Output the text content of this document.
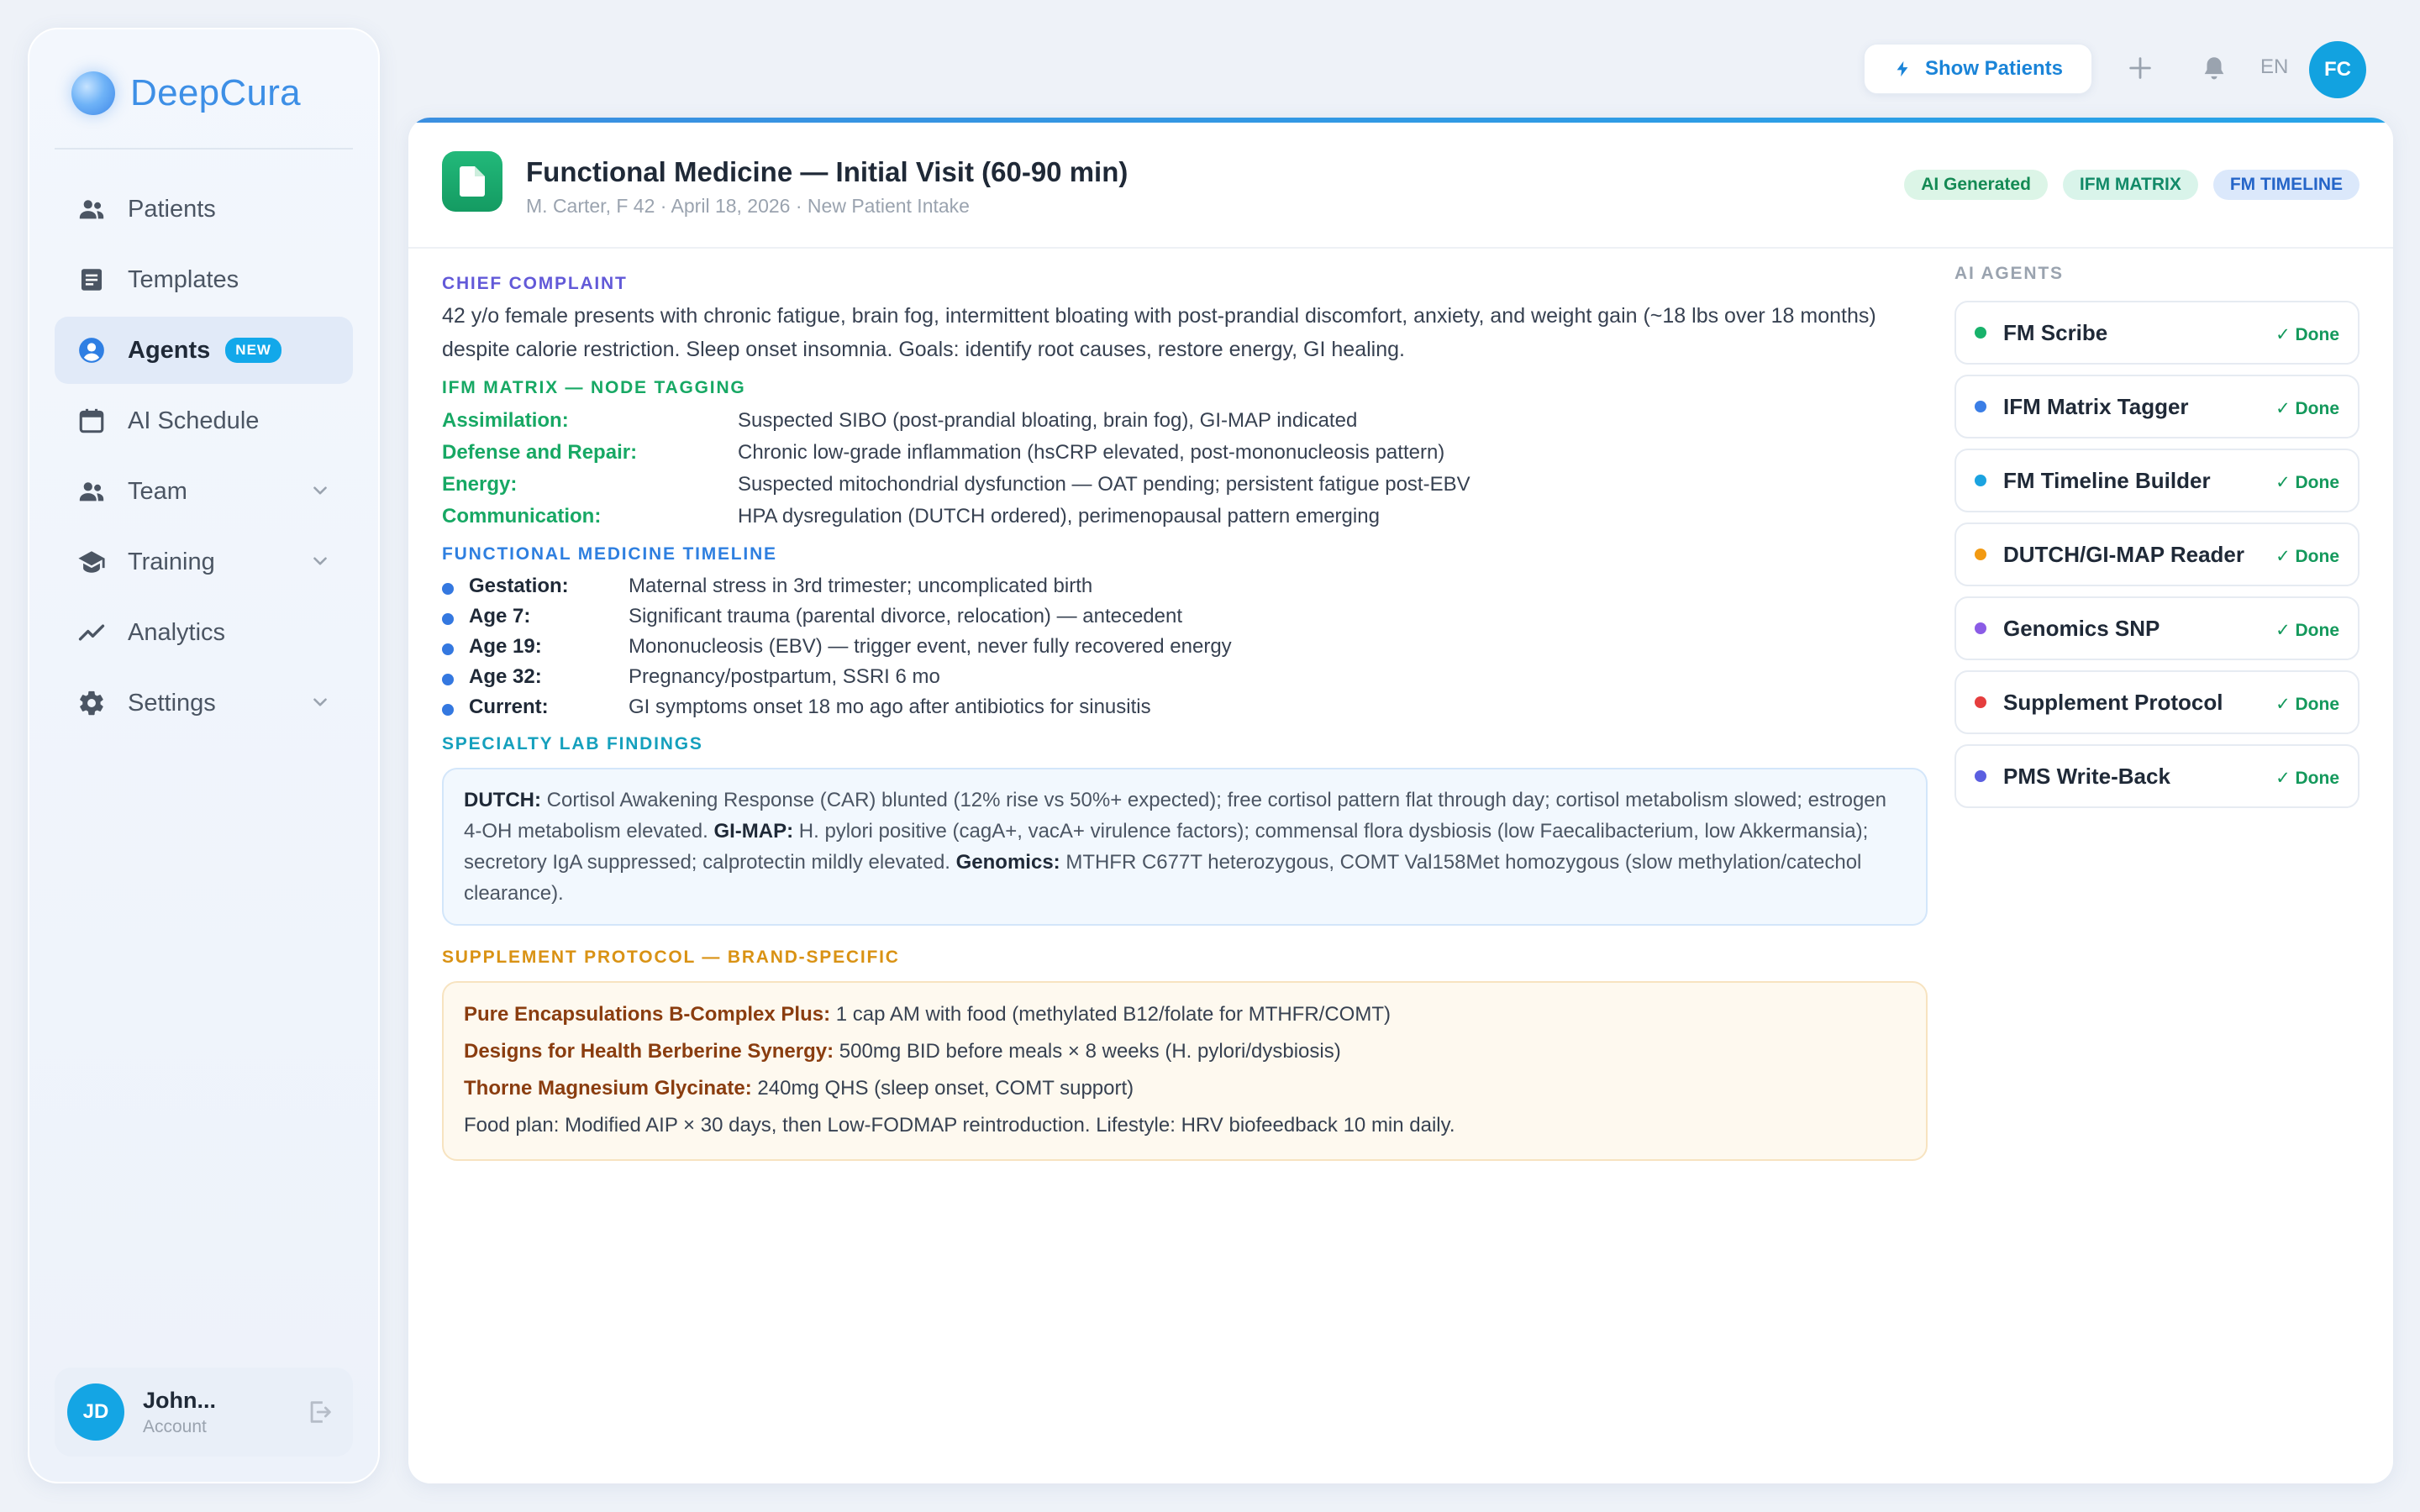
DeepCura
Patients
Templates
Agents	NEW
AI Schedule
Team
Training
Analytics
Settings
JD	John...
Account
Show Patients	EN	FC
Functional Medicine — Initial Visit (60-90 min)
M. Carter, F 42 · April 18, 2026 · New Patient Intake
AI Generated	IFM MATRIX	FM TIMELINE
CHIEF COMPLAINT

42 y/o female presents with chronic fatigue, brain fog, intermittent bloating with post-prandial discomfort, anxiety, and weight gain (~18 lbs over 18 months) despite calorie restriction. Sleep onset insomnia. Goals: identify root causes, restore energy, GI healing.

IFM MATRIX — NODE TAGGING
Assimilation:	Suspected SIBO (post-prandial bloating, brain fog), GI-MAP indicated
Defense and Repair:	Chronic low-grade inflammation (hsCRP elevated, post-mononucleosis pattern)
Energy:	Suspected mitochondrial dysfunction — OAT pending; persistent fatigue post-EBV
Communication:	HPA dysregulation (DUTCH ordered), perimenopausal pattern emerging
FUNCTIONAL MEDICINE TIMELINE
Gestation:	Maternal stress in 3rd trimester; uncomplicated birth
Age 7:	Significant trauma (parental divorce, relocation) — antecedent
Age 19:	Mononucleosis (EBV) — trigger event, never fully recovered energy
Age 32:	Pregnancy/postpartum, SSRI 6 mo
Current:	GI symptoms onset 18 mo ago after antibiotics for sinusitis
SPECIALTY LAB FINDINGS
DUTCH: Cortisol Awakening Response (CAR) blunted (12% rise vs 50%+ expected); free cortisol pattern flat through day; cortisol metabolism slowed; estrogen 4-OH metabolism elevated. GI-MAP: H. pylori positive (cagA+, vacA+ virulence factors); commensal flora dysbiosis (low Faecalibacterium, low Akkermansia); secretory IgA suppressed; calprotectin mildly elevated. Genomics: MTHFR C677T heterozygous, COMT Val158Met homozygous (slow methylation/catechol clearance).
SUPPLEMENT PROTOCOL — BRAND-SPECIFIC
Pure Encapsulations B-Complex Plus: 1 cap AM with food (methylated B12/folate for MTHFR/COMT)
Designs for Health Berberine Synergy: 500mg BID before meals × 8 weeks (H. pylori/dysbiosis)
Thorne Magnesium Glycinate: 240mg QHS (sleep onset, COMT support)
Food plan: Modified AIP × 30 days, then Low-FODMAP reintroduction. Lifestyle: HRV biofeedback 10 min daily.
AI AGENTS
FM Scribe	✓ Done
IFM Matrix Tagger	✓ Done
FM Timeline Builder	✓ Done
DUTCH/GI-MAP Reader ✓ Done
Genomics SNP	✓ Done
Supplement Protocol	✓ Done
PMS Write-Back	✓ Done
